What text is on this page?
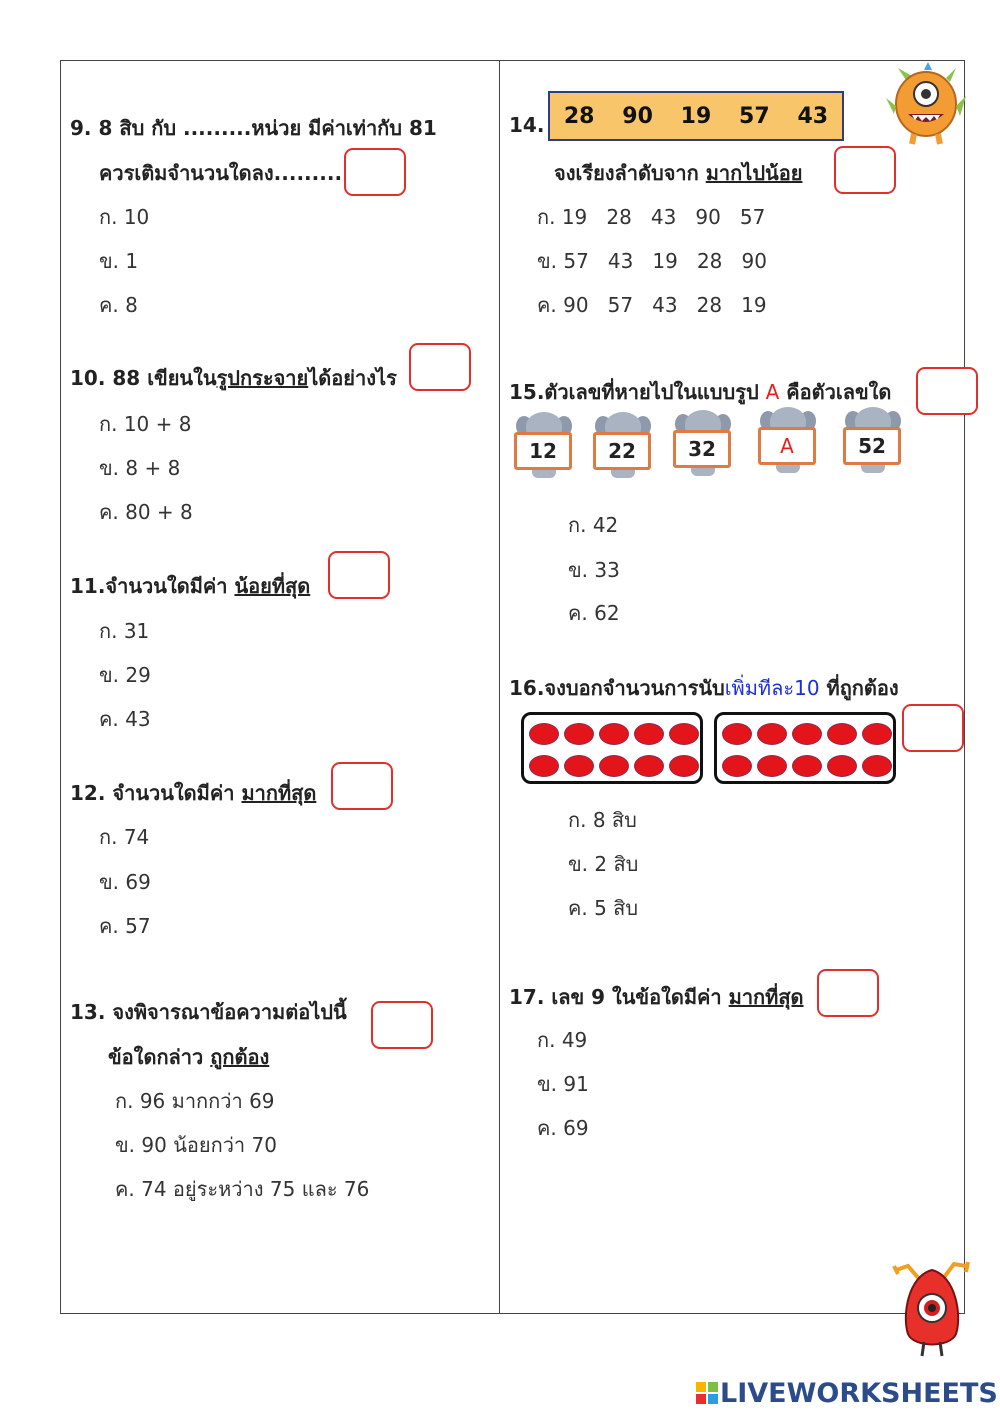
9. 8 สิบ กับ .........หน่วย มีค่าเท่ากับ 81
ควรเติมจำนวนใดลง.........
ก. 10
ข. 1
ค. 8
10. 88 เขียนในรูปกระจายได้อย่างไร
ก. 10 + 8
ข. 8 + 8
ค. 80 + 8
11.จำนวนใดมีค่า น้อยที่สุด
ก. 31
ข. 29
ค. 43
12. จำนวนใดมีค่า มากที่สุด
ก. 74
ข. 69
ค. 57
13. จงพิจารณาข้อความต่อไปนี้
ข้อใดกล่าว ถูกต้อง
ก. 96 มากกว่า 69
ข. 90 น้อยกว่า 70
ค. 74 อยู่ระหว่าง 75 และ 76
14. 28 90 19 57 43
จงเรียงลำดับจาก มากไปน้อย
ก. 19   28   43   90   57
ข. 57   43   19   28   90
ค. 90   57   43   28   19
15.ตัวเลขที่หายไปในแบบรูป A คือตัวเลขใด
12	22	32	A	52
ก. 42
ข. 33
ค. 62
16.จงบอกจำนวนการนับเพิ่มทีละ10 ที่ถูกต้อง
ก. 8 สิบ
ข. 2 สิบ
ค. 5 สิบ
17. เลข 9 ในข้อใดมีค่า มากที่สุด
ก. 49
ข. 91
ค. 69
LIVEWORKSHEETS
